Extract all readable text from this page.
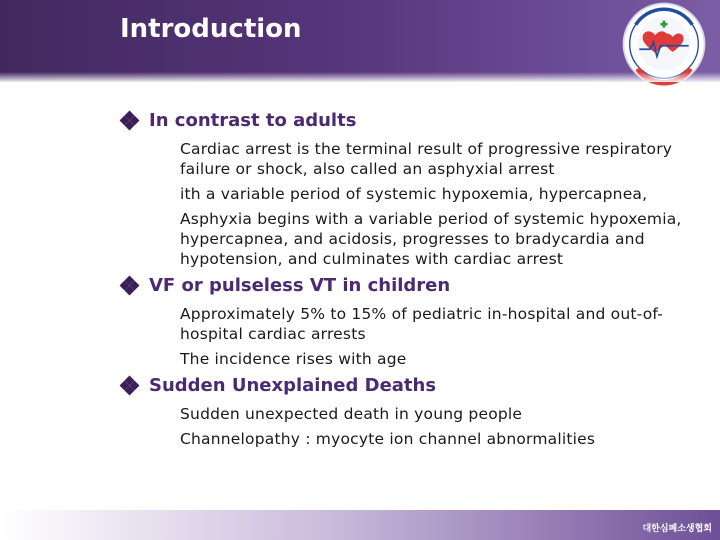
Introduction
In contrast to adults
Cardiac arrest is the terminal result of progressive respiratory failure or shock, also called an asphyxial arrest
ith a variable period of systemic hypoxemia, hypercapnea,
Asphyxia begins with a variable period of systemic hypoxemia, hypercapnea, and acidosis, progresses to bradycardia and hypotension, and culminates with cardiac arrest
VF or pulseless VT in children
Approximately 5% to 15% of pediatric in-hospital and out-of-hospital cardiac arrests
The incidence rises with age
Sudden Unexplained Deaths
Sudden unexpected death in young people
Channelopathy : myocyte ion channel abnormalities
대한심폐소생협회
